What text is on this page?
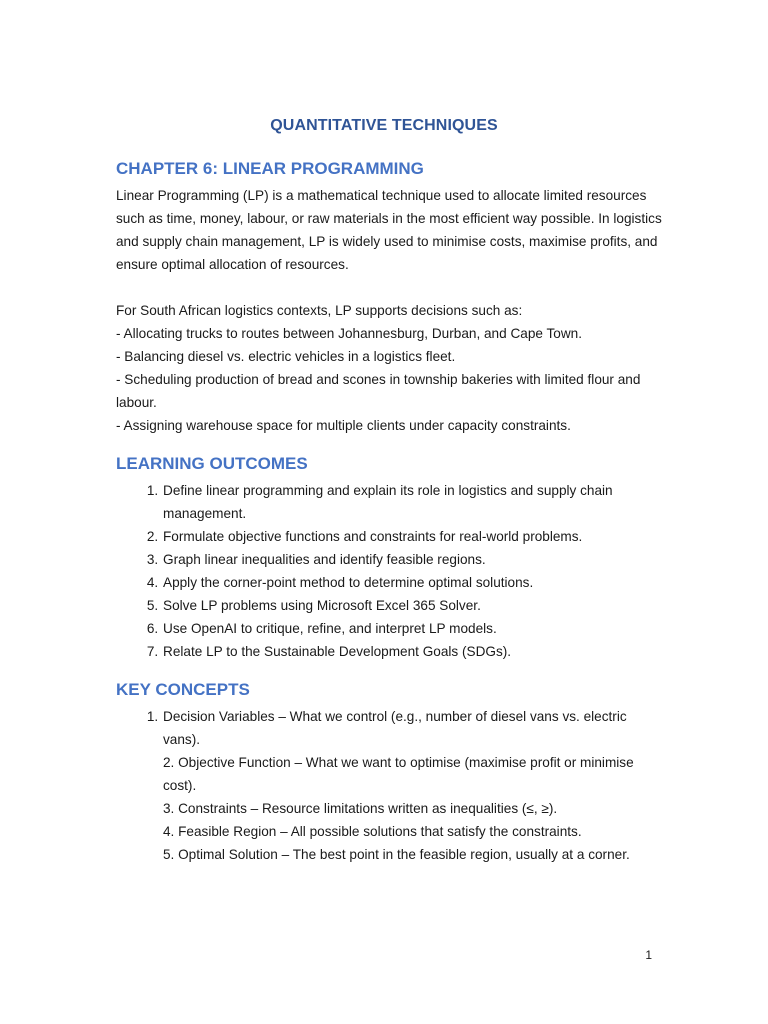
QUANTITATIVE TECHNIQUES
CHAPTER 6: LINEAR PROGRAMMING

Linear Programming (LP) is a mathematical technique used to allocate limited resources such as time, money, labour, or raw materials in the most efficient way possible. In logistics and supply chain management, LP is widely used to minimise costs, maximise profits, and ensure optimal allocation of resources.

For South African logistics contexts, LP supports decisions such as:
- Allocating trucks to routes between Johannesburg, Durban, and Cape Town.
- Balancing diesel vs. electric vehicles in a logistics fleet.
- Scheduling production of bread and scones in township bakeries with limited flour and labour.
- Assigning warehouse space for multiple clients under capacity constraints.

LEARNING OUTCOMES
1. Define linear programming and explain its role in logistics and supply chain management.
2. Formulate objective functions and constraints for real-world problems.
3. Graph linear inequalities and identify feasible regions.
4. Apply the corner-point method to determine optimal solutions.
5. Solve LP problems using Microsoft Excel 365 Solver.
6. Use OpenAI to critique, refine, and interpret LP models.
7. Relate LP to the Sustainable Development Goals (SDGs).
KEY CONCEPTS
1. Decision Variables – What we control (e.g., number of diesel vans vs. electric vans).
2. Objective Function – What we want to optimise (maximise profit or minimise cost).
3. Constraints – Resource limitations written as inequalities (≤, ≥).
4. Feasible Region – All possible solutions that satisfy the constraints.
5. Optimal Solution – The best point in the feasible region, usually at a corner.
1
